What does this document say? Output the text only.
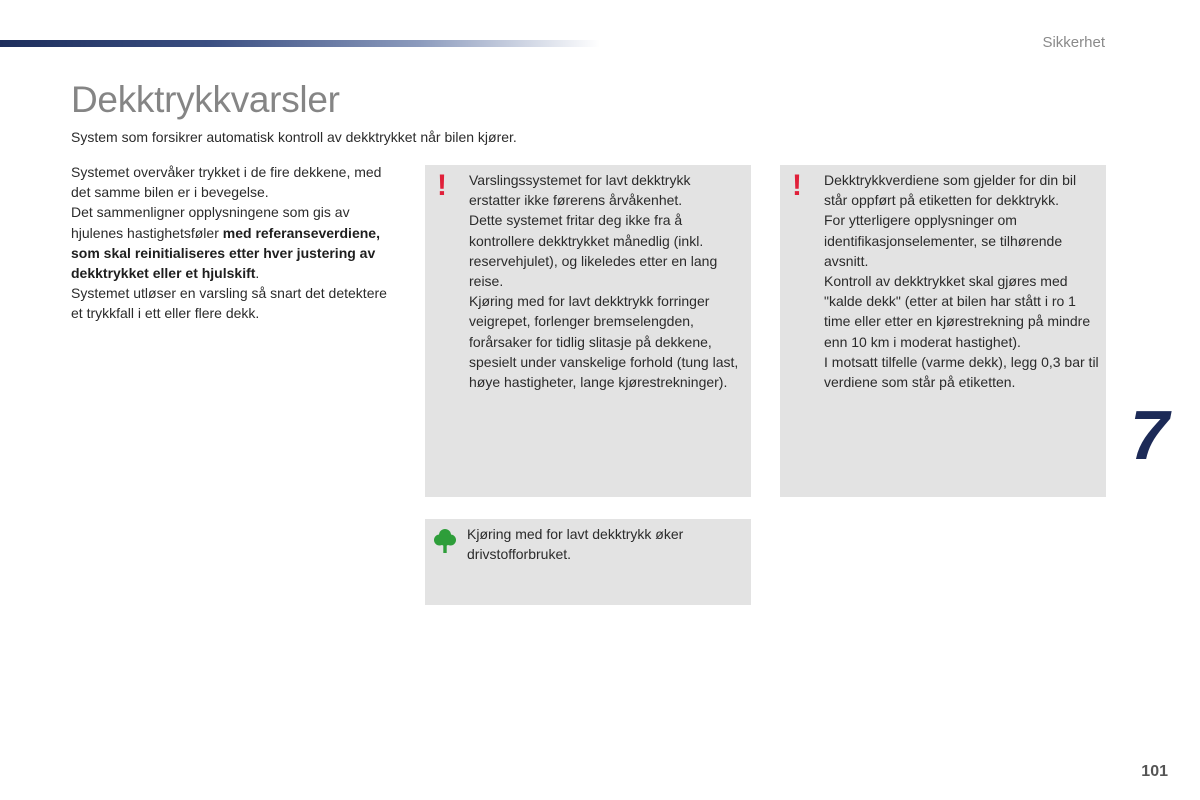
Sikkerhet
Dekktrykkvarsler

System som forsikrer automatisk kontroll av dekktrykket når bilen kjører.

Systemet overvåker trykket i de fire dekkene, med det samme bilen er i bevegelse.

Det sammenligner opplysningene som gis av hjulenes hastighetsføler med referanseverdiene, som skal reinitialiseres etter hver justering av dekktrykket eller et hjulskift.

Systemet utløser en varsling så snart det detektere et trykkfall i ett eller flere dekk.

! Varslingssystemet for lavt dekktrykk erstatter ikke førerens årvåkenhet.

Dette systemet fritar deg ikke fra å kontrollere dekktrykket månedlig (inkl. reservehjulet), og likeledes etter en lang reise.

Kjøring med for lavt dekktrykk forringer veigrepet, forlenger bremselengden, forårsaker for tidlig slitasje på dekkene, spesielt under vanskelige forhold (tung last, høye hastigheter, lange kjørestrekninger).

! Dekktrykkverdiene som gjelder for din bil står oppført på etiketten for dekktrykk.

For ytterligere opplysninger om identifikasjonselementer, se tilhørende avsnitt.

Kontroll av dekktrykket skal gjøres med "kalde dekk" (etter at bilen har stått i ro 1 time eller etter en kjørestrekning på mindre enn 10 km i moderat hastighet).

I motsatt tilfelle (varme dekk), legg 0,3 bar til verdiene som står på etiketten.

Kjøring med for lavt dekktrykk øker drivstofforbruket.
7
101
